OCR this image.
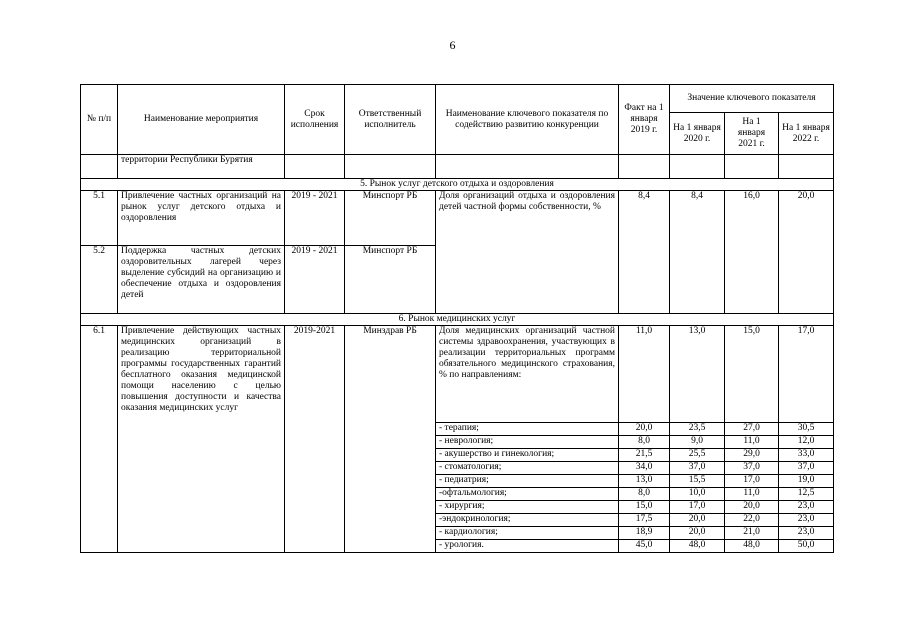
6
№ п/п	Наименование мероприятия	Срок исполнения	Ответственный исполнитель	Наименование ключевого показателя по содействию развитию конкуренции	Факт на 1 января 2019 г.	Значение ключевого показателя		
						На 1 января 2020 г.	На 1 января 2021 г.	На 1 января 2022 г.
	территории Республики Бурятия							
5. Рынок услуг детского отдыха и оздоровления								
5.1	Привлечение частных организаций на рынок услуг детского отдыха и оздоровления	2019 - 2021	Минспорт РБ	Доля организаций отдыха и оздоровления детей частной формы собственности, %	8,4	8,4	16,0	20,0
5.2	Поддержка частных детских оздоровительных лагерей через выделение субсидий на организацию и обеспечение отдыха и оздоровления детей	2019 - 2021	Минспорт РБ					
6. Рынок медицинских услуг								
6.1	Привлечение действующих частных медицинских организаций в реализацию территориальной программы государственных гарантий бесплатного оказания медицинской помощи населению с целью повышения доступности и качества оказания медицинских услуг	2019-2021	Минздрав РБ	Доля медицинских организаций частной системы здравоохранения, участвующих в реализации территориальных программ обязательного медицинского страхования, % по направлениям:	11,0	13,0	15,0	17,0
				- терапия;	20,0	23,5	27,0	30,5
				- неврология;	8,0	9,0	11,0	12,0
				- акушерство и гинекология;	21,5	25,5	29,0	33,0
				- стоматология;	34,0	37,0	37,0	37,0
				- педиатрия;	13,0	15,5	17,0	19,0
				-офтальмология;	8,0	10,0	11,0	12,5
				- хирургия;	15,0	17,0	20,0	23,0
				-эндокринология;	17,5	20,0	22,0	23,0
				- кардиология;	18,9	20,0	21,0	23,0
				- урология.	45,0	48,0	48,0	50,0
